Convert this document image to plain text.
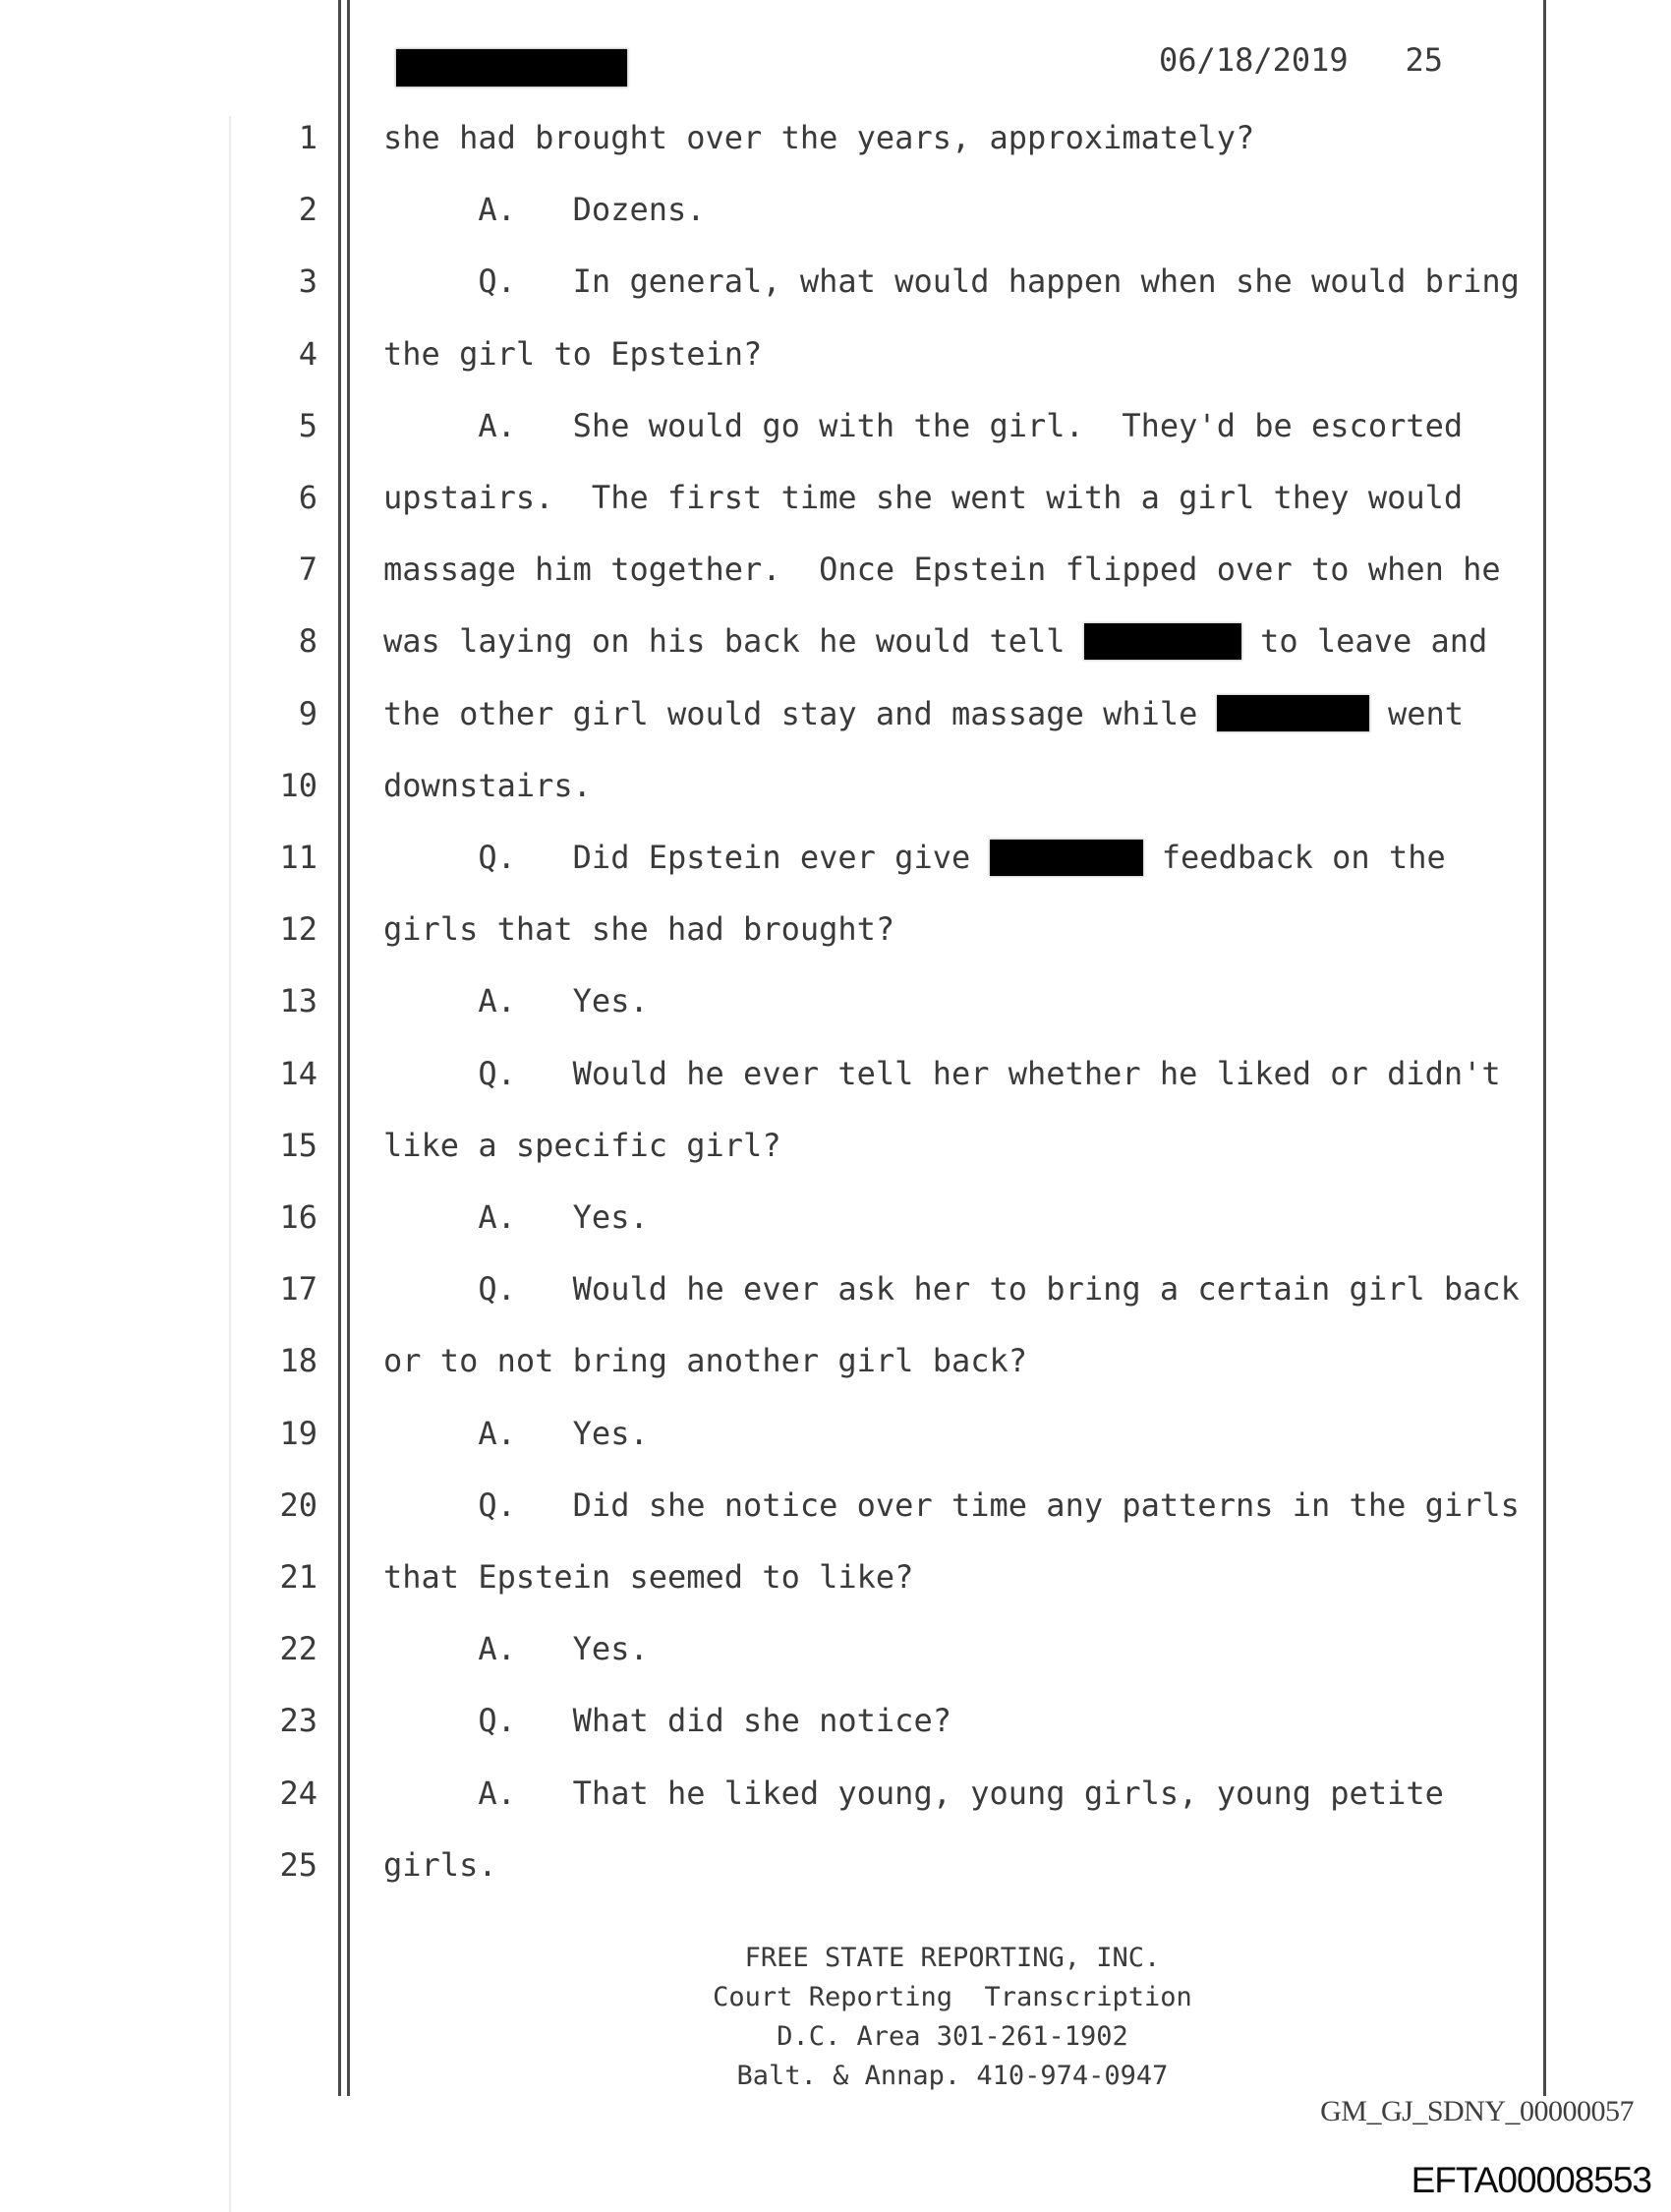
06/18/2019   25
1 she had brought over the years, approximately?
2 A.   Dozens.
3 Q.   In general, what would happen when she would bring
4 the girl to Epstein?
5 A.   She would go with the girl.  They'd be escorted
6 upstairs.  The first time she went with a girl they would
7 massage him together.  Once Epstein flipped over to when he
8 was laying on his back he would tell	to leave and
9 the other girl would stay and massage while	went
10 downstairs.
11 Q.   Did Epstein ever give	feedback on the
12 girls that she had brought?
13 A.   Yes.
14 Q.   Would he ever tell her whether he liked or didn't
15 like a specific girl?
16 A.   Yes.
17 Q.   Would he ever ask her to bring a certain girl back
18 or to not bring another girl back?
19 A.   Yes.
20 Q.   Did she notice over time any patterns in the girls
21 that Epstein seemed to like?
22 A.   Yes.
23 Q.   What did she notice?
24 A.   That he liked young, young girls, young petite
25 girls.
FREE STATE REPORTING, INC.
Court Reporting  Transcription
D.C. Area 301-261-1902
Balt. & Annap. 410-974-0947
GM_GJ_SDNY_00000057
EFTA00008553
